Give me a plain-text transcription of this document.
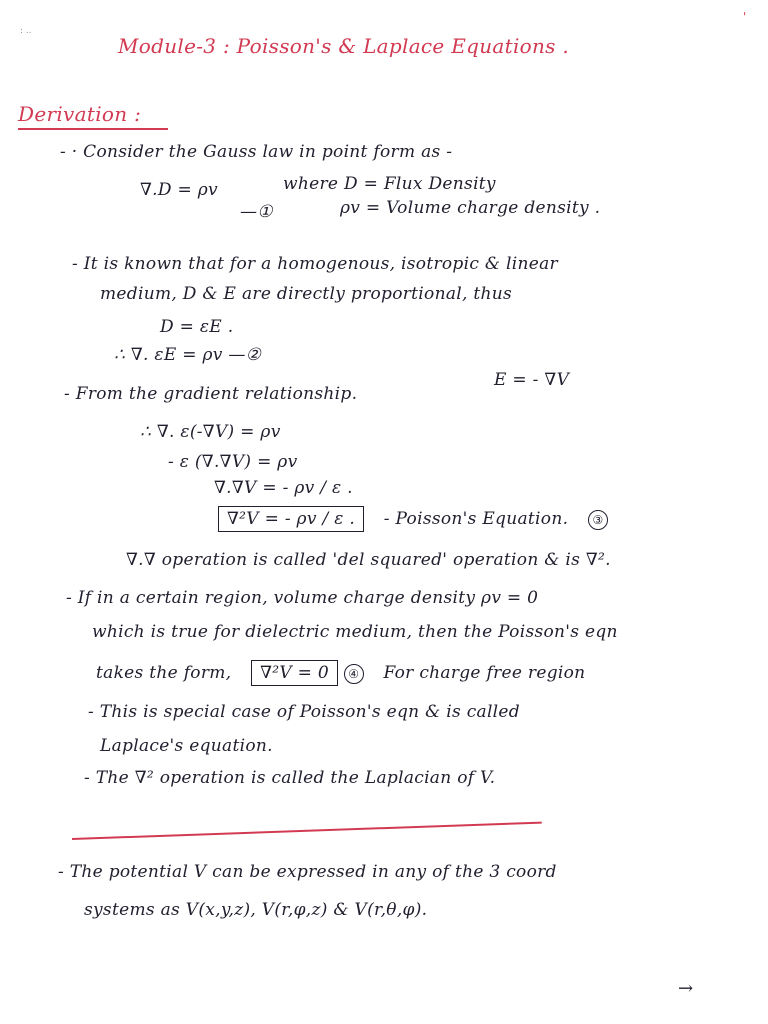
'
: ..
Module-3 : Poisson's & Laplace Equations .
Derivation :
- · Consider the Gauss law in point form as -
∇.D = ρv	where D = Flux Density
—①	ρv = Volume charge density .
- It is known that for a homogenous, isotropic & linear
medium, D & E are directly proportional, thus
D = εE .
∴ ∇. εE = ρv —②
- From the gradient relationship.
E = - ∇V
∴ ∇. ε(-∇V) = ρv
- ε (∇.∇V) = ρv
∇.∇V = - ρv / ε .
∇²V = - ρv / ε . - Poisson's Equation. ③
∇.∇ operation is called 'del squared' operation & is ∇².
- If in a certain region, volume charge density ρv = 0
which is true for dielectric medium, then the Poisson's eqn
takes the form, ∇²V = 0 ④ For charge free region
- This is special case of Poisson's eqn & is called
Laplace's equation.
- The ∇² operation is called the Laplacian of V.
- The potential V can be expressed in any of the 3 coord
systems as V(x,y,z), V(r,φ,z) & V(r,θ,φ).
→
